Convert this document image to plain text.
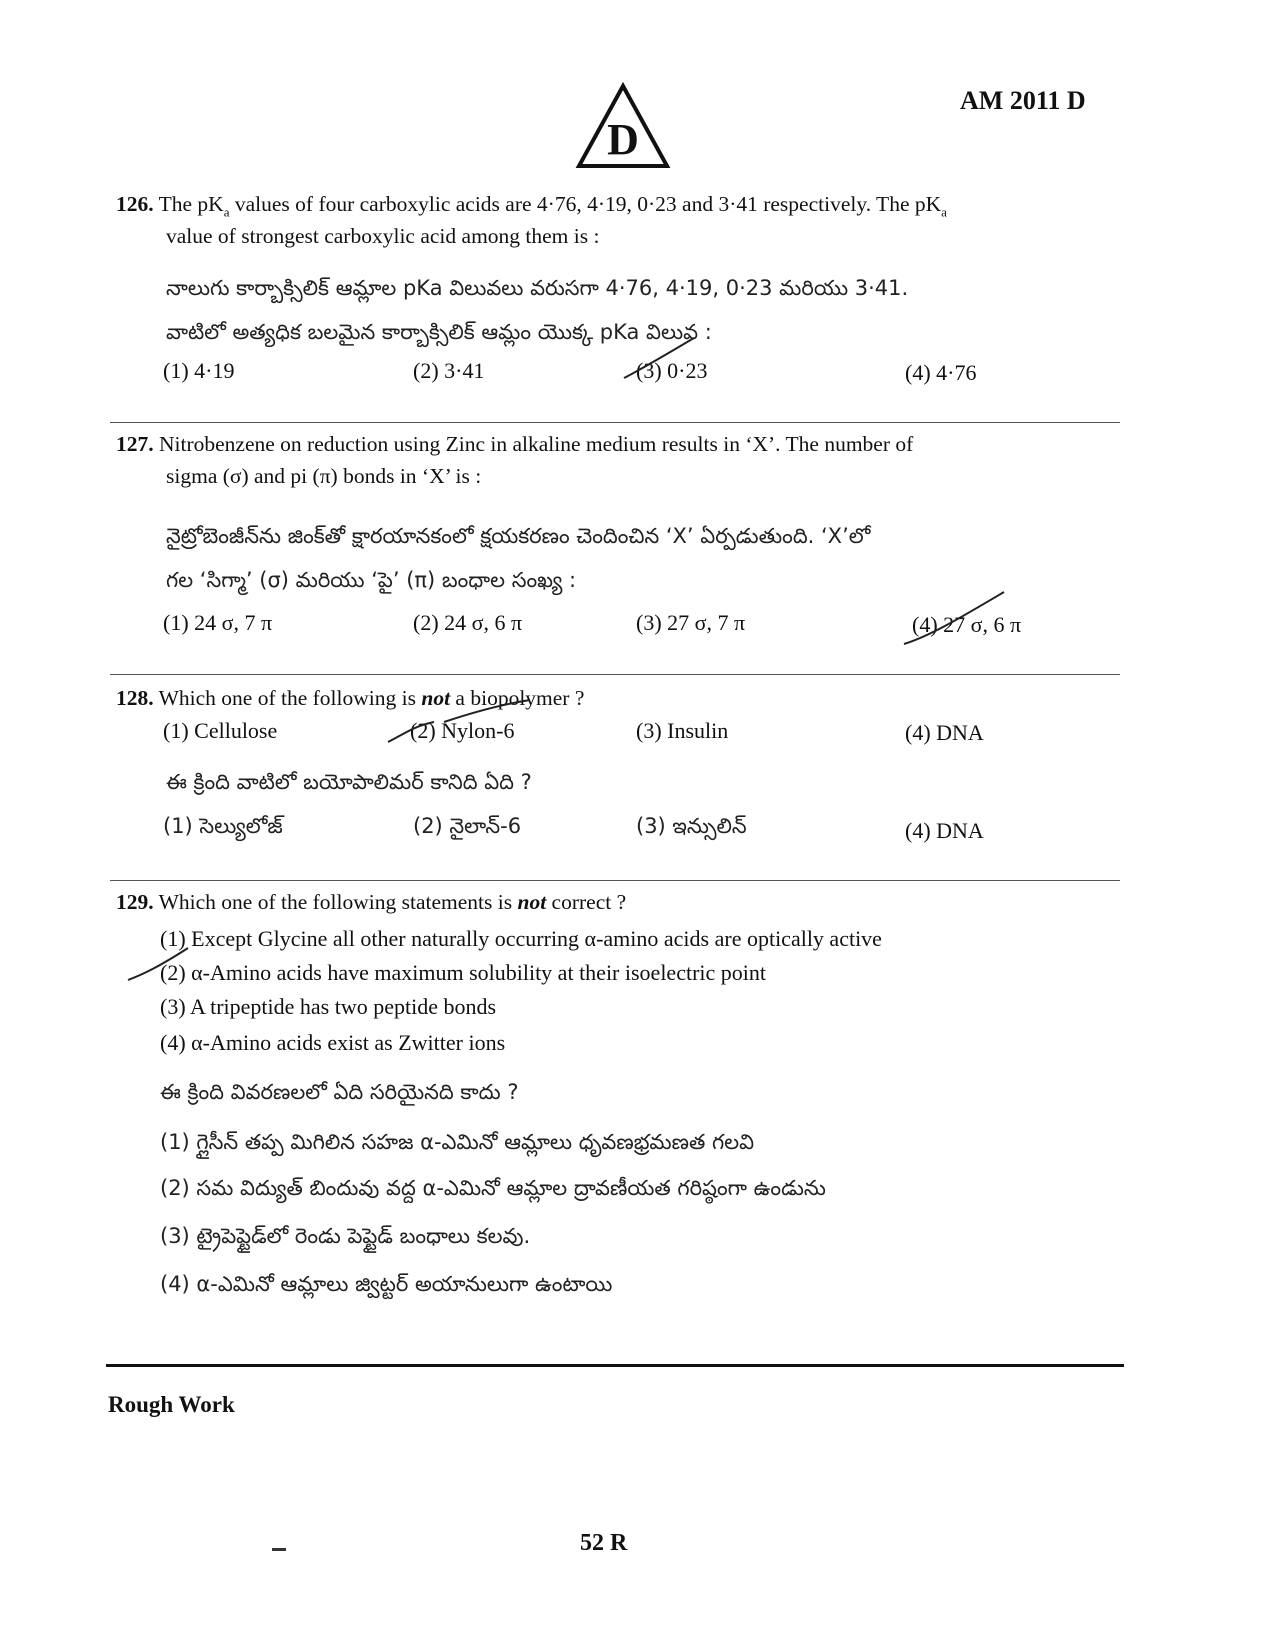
AM 2011 D
D
126. The $pK_a$ values of four carboxylic acids are 4·76, 4·19, 0·23 and 3·41 respectively. The $pK_a$
value of strongest carboxylic acid among them is :
నాలుగు కార్బాక్సిలిక్ ఆమ్లాల pKa విలువలు వరుసగా 4·76, 4·19, 0·23 మరియు 3·41.
వాటిలో అత్యధిక బలమైన కార్బాక్సిలిక్ ఆమ్లం యొక్క pKa విలువ :
(1) 4·19	(2) 3·41	(3) 0·23	(4) 4·76
127. Nitrobenzene on reduction using Zinc in alkaline medium results in ‘X’. The number of
sigma (σ) and pi (π) bonds in ‘X’ is :
నైట్రోబెంజీన్‌ను జింక్‌తో క్షారయానకంలో క్షయకరణం చెందించిన ‘X’ ఏర్పడుతుంది. ‘X’లో
గల ‘సిగ్మా’ (σ) మరియు ‘పై’ (π) బంధాల సంఖ్య :
(1) 24 σ, 7 π	(2) 24 σ, 6 π	(3) 27 σ, 7 π	(4) 27 σ, 6 π
128. Which one of the following is not a biopolymer ?
(1) Cellulose	(2) Nylon-6	(3) Insulin	(4) DNA
ఈ క్రింది వాటిలో బయోపాలిమర్ కానిది ఏది ?
(1) సెల్యులోజ్	(2) నైలాన్-6	(3) ఇన్సులిన్	(4) DNA
129. Which one of the following statements is not correct ?
(1) Except Glycine all other naturally occurring α-amino acids are optically active
(2) α-Amino acids have maximum solubility at their isoelectric point
(3) A tripeptide has two peptide bonds
(4) α-Amino acids exist as Zwitter ions
ఈ క్రింది వివరణలలో ఏది సరియైనది కాదు ?
(1) గ్లైసీన్ తప్ప మిగిలిన సహజ α-ఎమినో ఆమ్లాలు ధృవణభ్రమణత గలవి
(2) సమ విద్యుత్ బిందువు వద్ద α-ఎమినో ఆమ్లాల ద్రావణీయత గరిష్ఠంగా ఉండును
(3) ట్రైపెప్టైడ్‌లో రెండు పెప్టైడ్ బంధాలు కలవు.
(4) α-ఎమినో ఆమ్లాలు జ్విట్టర్ అయానులుగా ఉంటాయి
Rough Work
52 R
